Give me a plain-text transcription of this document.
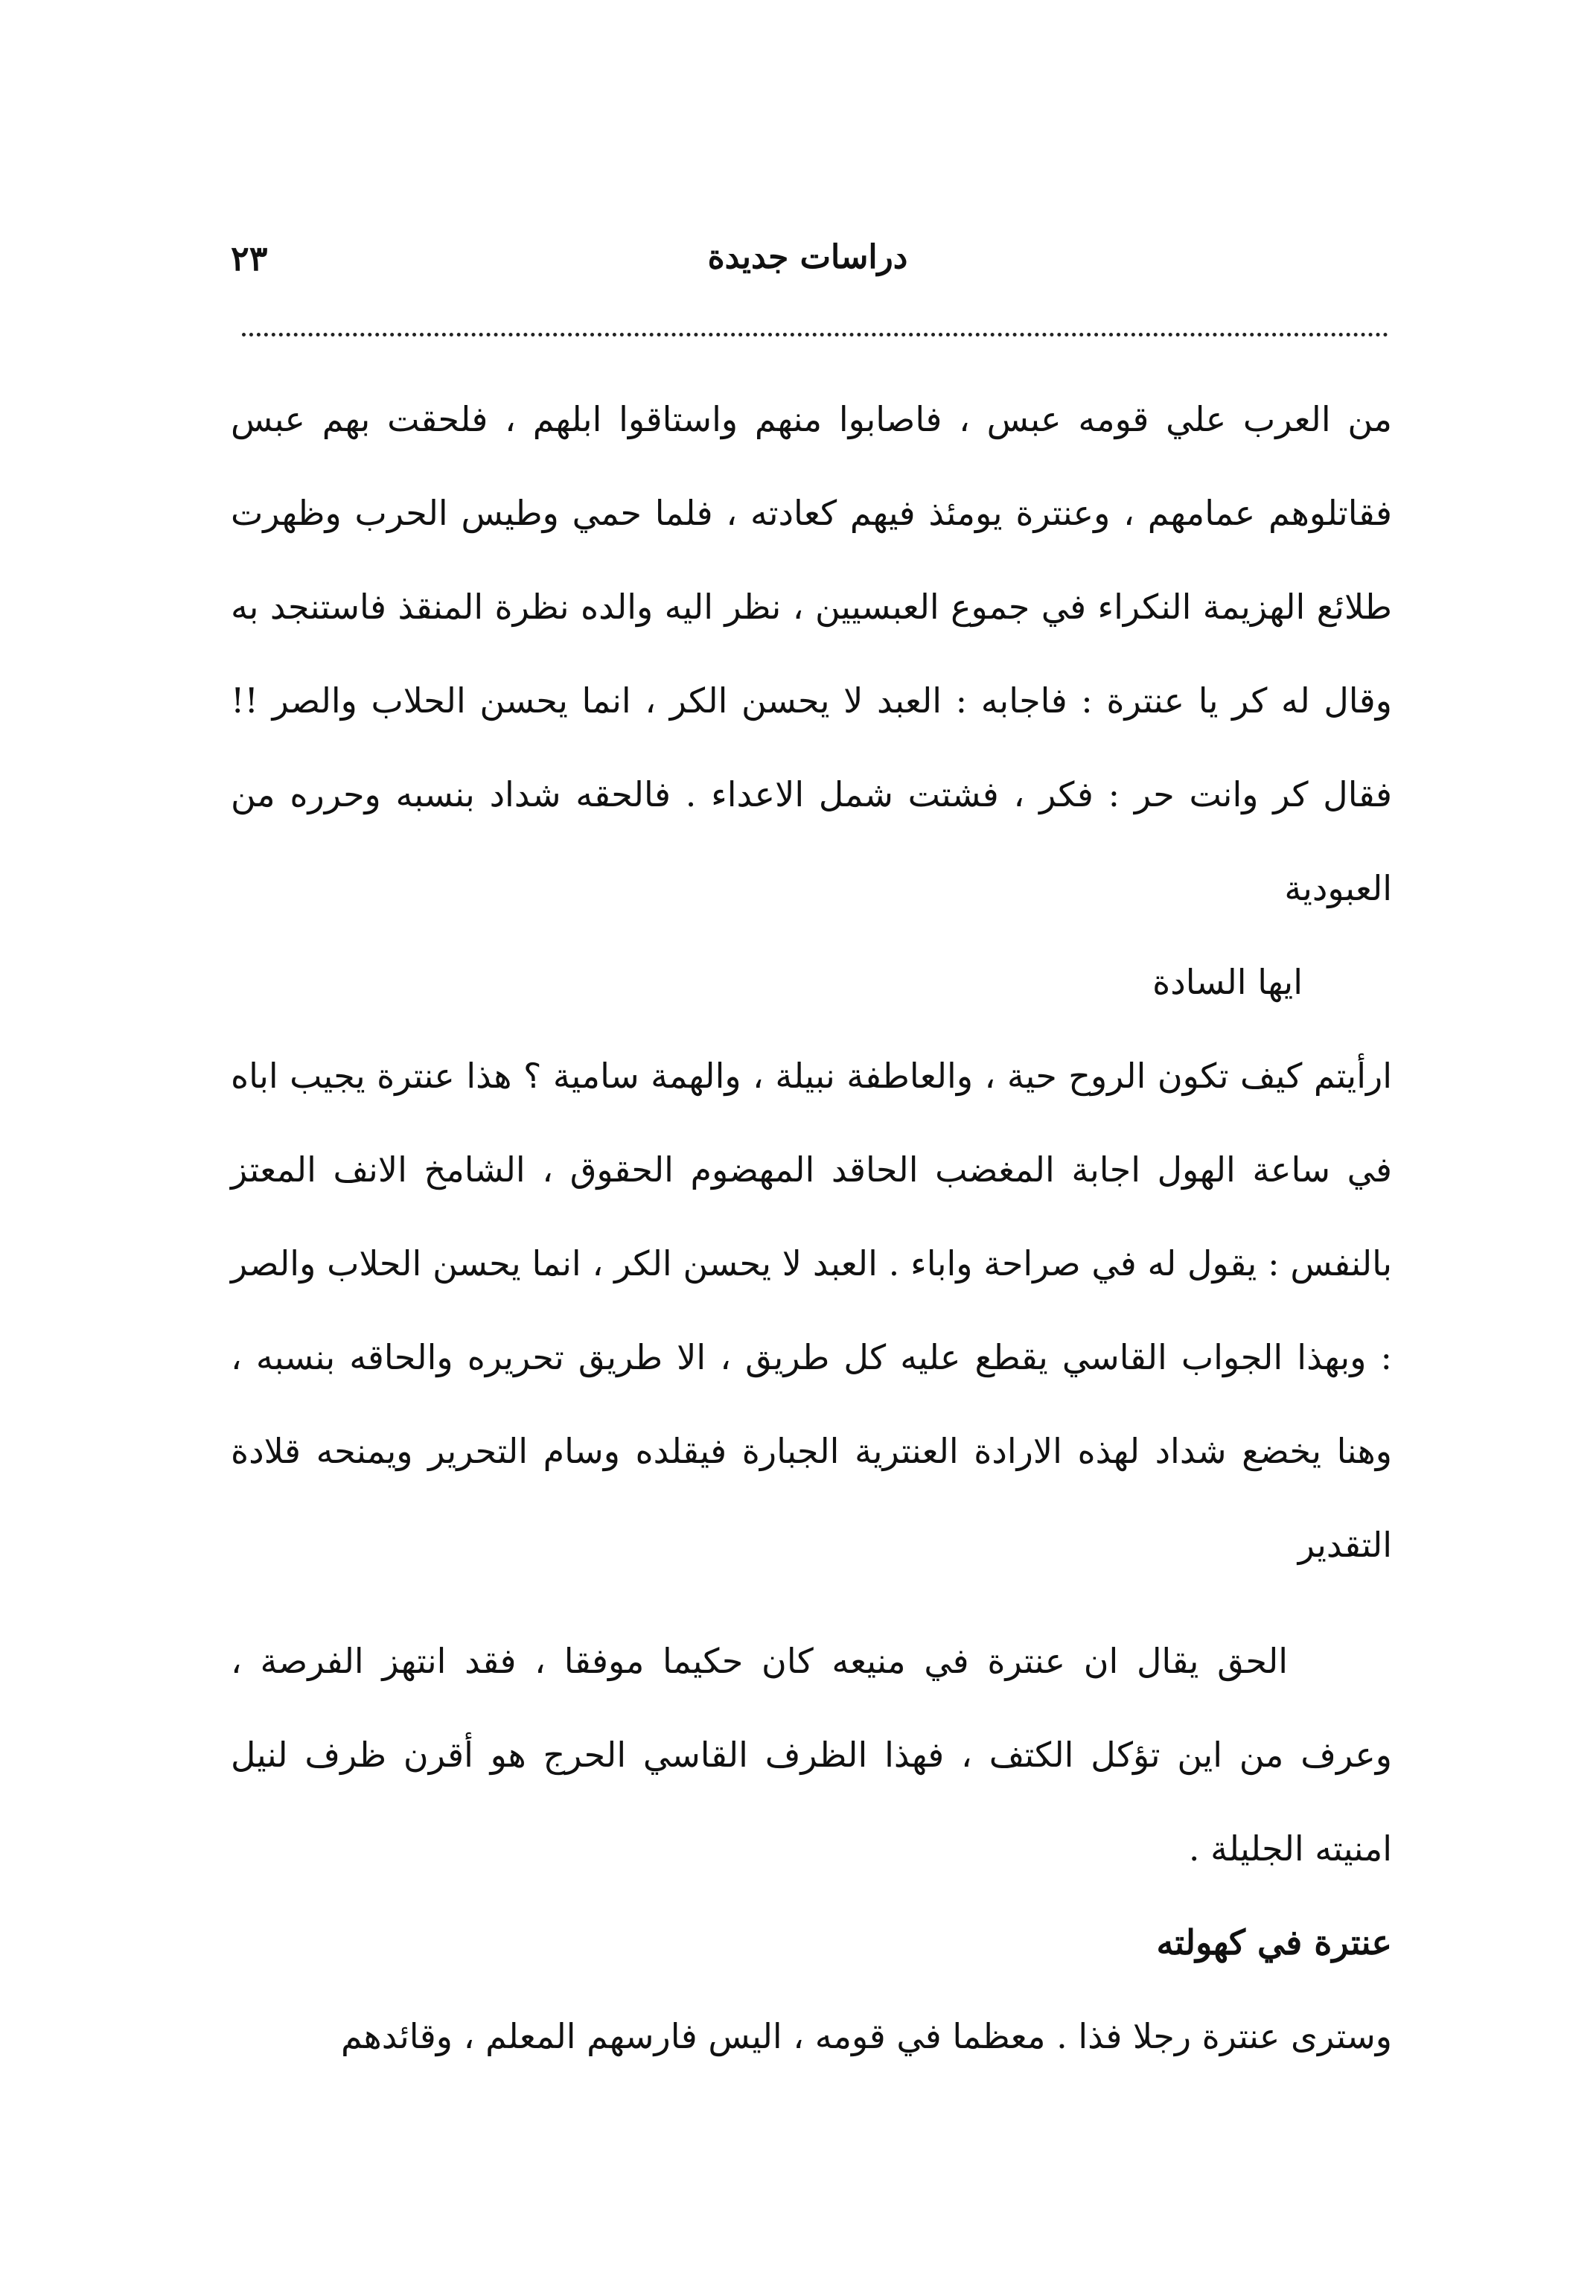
٢٣	دراسات جديدة

من العرب علي قومه عبس ، فاصابوا منهم واستاقوا ابلهم ، فلحقت بهم عبس فقاتلوهم عمامهم ، وعنترة يومئذ فيهم كعادته ، فلما حمي وطيس الحرب وظهرت طلائع الهزيمة النكراء في جموع العبسيين ، نظر اليه والده نظرة المنقذ فاستنجد به وقال له كر يا عنترة : فاجابه : العبد لا يحسن الكر ، انما يحسن الحلاب والصر !! فقال كر وانت حر : فكر ، فشتت شمل الاعداء . فالحقه شداد بنسبه وحرره من العبودية

ايها السادة

ارأيتم كيف تكون الروح حية ، والعاطفة نبيلة ، والهمة سامية ؟ هذا عنترة يجيب اباه في ساعة الهول اجابة المغضب الحاقد المهضوم الحقوق ، الشامخ الانف المعتز بالنفس : يقول له في صراحة واباء . العبد لا يحسن الكر ، انما يحسن الحلاب والصر : وبهذا الجواب القاسي يقطع عليه كل طريق ، الا طريق تحريره والحاقه بنسبه ، وهنا يخضع شداد لهذه الارادة العنترية الجبارة فيقلده وسام التحرير ويمنحه قلادة التقدير

الحق يقال ان عنترة في منيعه كان حكيما موفقا ، فقد انتهز الفرصة ، وعرف من اين تؤكل الكتف ، فهذا الظرف القاسي الحرج هو أقرن ظرف لنيل امنيته الجليلة .

عنترة في كهولته

وسترى عنترة رجلا فذا . معظما في قومه ، اليس فارسهم المعلم ، وقائدهم
